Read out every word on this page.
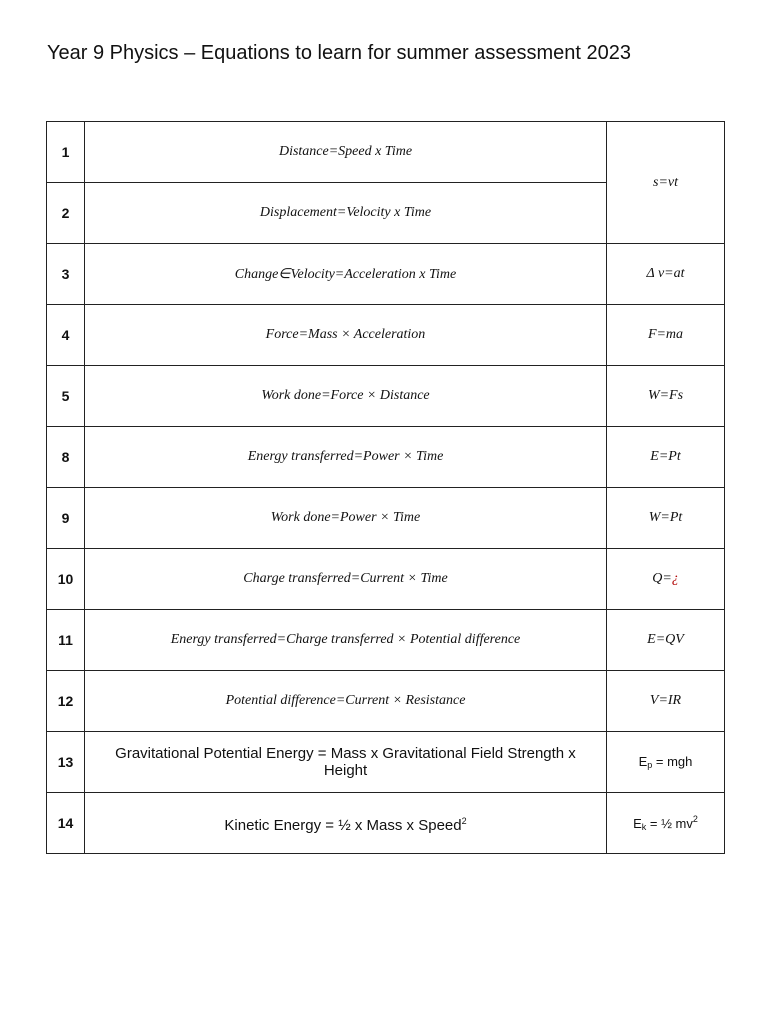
Year 9 Physics – Equations to learn for summer assessment 2023
1	Distance=Speed x Time	s=vt
2	Displacement=Velocity x Time	
3	Change∈Velocity=Acceleration x Time	Δ v=at
4	Force=Mass × Acceleration	F=ma
5	Work done=Force × Distance	W=Fs
8	Energy transferred=Power × Time	E=Pt
9	Work done=Power × Time	W=Pt
10	Charge transferred=Current × Time	Q=¿
11	Energy transferred=Charge transferred × Potential difference	E=QV
12	Potential difference=Current × Resistance	V=IR
13	Gravitational Potential Energy = Mass x Gravitational Field Strength x Height	$E_p$ = mgh
14	Kinetic Energy = ½ x Mass x Speed$^2$	$E_k$ = ½ $mv^2$
